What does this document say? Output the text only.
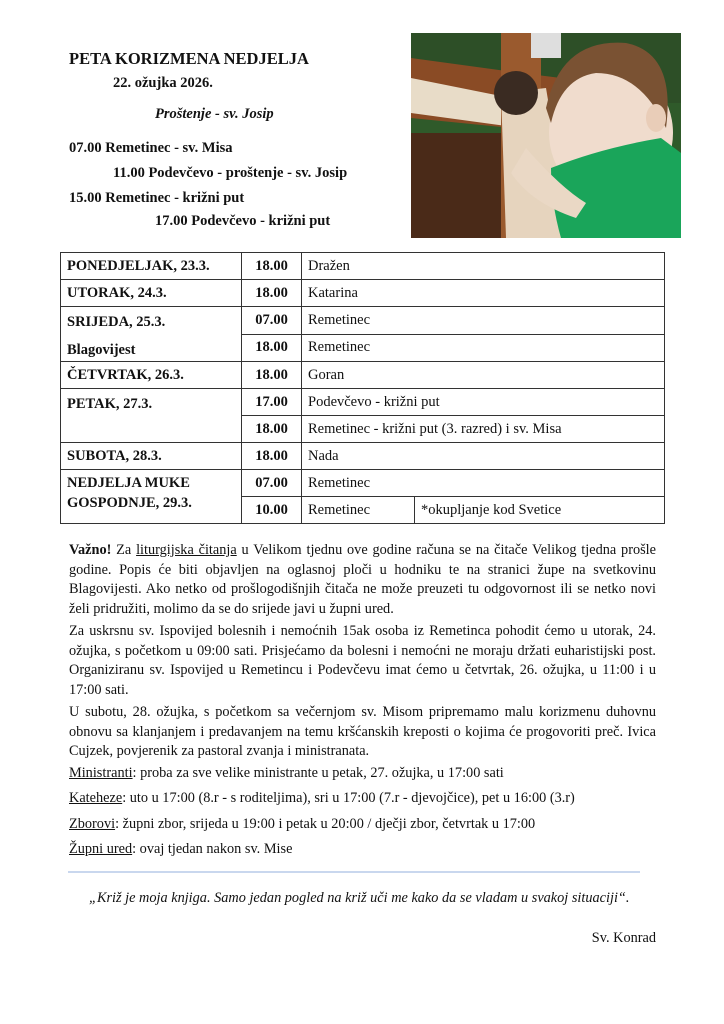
PETA KORIZMENA NEDJELJA
22. ožujka 2026.
Proštenje - sv. Josip
07.00 Remetinec - sv. Misa
11.00 Podevčevo - proštenje - sv. Josip
15.00 Remetinec - križni put
17.00 Podevčevo - križni put
PONEDJELJAK, 23.3.	18.00	Dražen	
UTORAK, 24.3.	18.00	Katarina	

SRIJEDA, 25.3.
Blagovijest	07.00	Remetinec	
	18.00	Remetinec	
ČETVRTAK, 26.3.	18.00	Goran	
PETAK, 27.3.	17.00	Podevčevo - križni put	
	18.00	Remetinec - križni put (3. razred) i sv. Misa	
SUBOTA, 28.3.	18.00	Nada	

NEDJELJA MUKE
GOSPODNJE, 29.3.	07.00	Remetinec	
	10.00	Remetinec	*okupljanje kod Svetice
Važno! Za liturgijska čitanja u Velikom tjednu ove godine računa se na čitače Velikog tjedna prošle godine. Popis će biti objavljen na oglasnoj ploči u hodniku te na stranici župe na svetkovinu Blagovijesti. Ako netko od prošlogodišnjih čitača ne može preuzeti tu odgovornost ili se netko novi želi pridružiti, molimo da se do srijede javi u župni ured.
Za uskrsnu sv. Ispovijed bolesnih i nemoćnih 15ak osoba iz Remetinca pohodit ćemo u utorak, 24. ožujka, s početkom u 09:00 sati. Prisjećamo da bolesni i nemoćni ne moraju držati euharistijski post. Organiziranu sv. Ispovijed u Remetincu i Podevčevu imat ćemo u četvrtak, 26. ožujka, u 11:00 i u 17:00 sati.
U subotu, 28. ožujka, s početkom sa večernjom sv. Misom pripremamo malu korizmenu duhovnu obnovu sa klanjanjem i predavanjem na temu kršćanskih kreposti o kojima će progovoriti preč. Ivica Cujzek, povjerenik za pastoral zvanja i ministranata.
Ministranti: proba za sve velike ministrante u petak, 27. ožujka, u 17:00 sati
Kateheze: uto u 17:00 (8.r - s roditeljima), sri u 17:00 (7.r - djevojčice), pet u 16:00 (3.r)
Zborovi: župni zbor, srijeda u 19:00 i petak u 20:00 / dječji zbor, četvrtak u 17:00
Župni ured: ovaj tjedan nakon sv. Mise
„Križ je moja knjiga. Samo jedan pogled na križ uči me kako da se vladam u svakoj situaciji“.
Sv. Konrad
